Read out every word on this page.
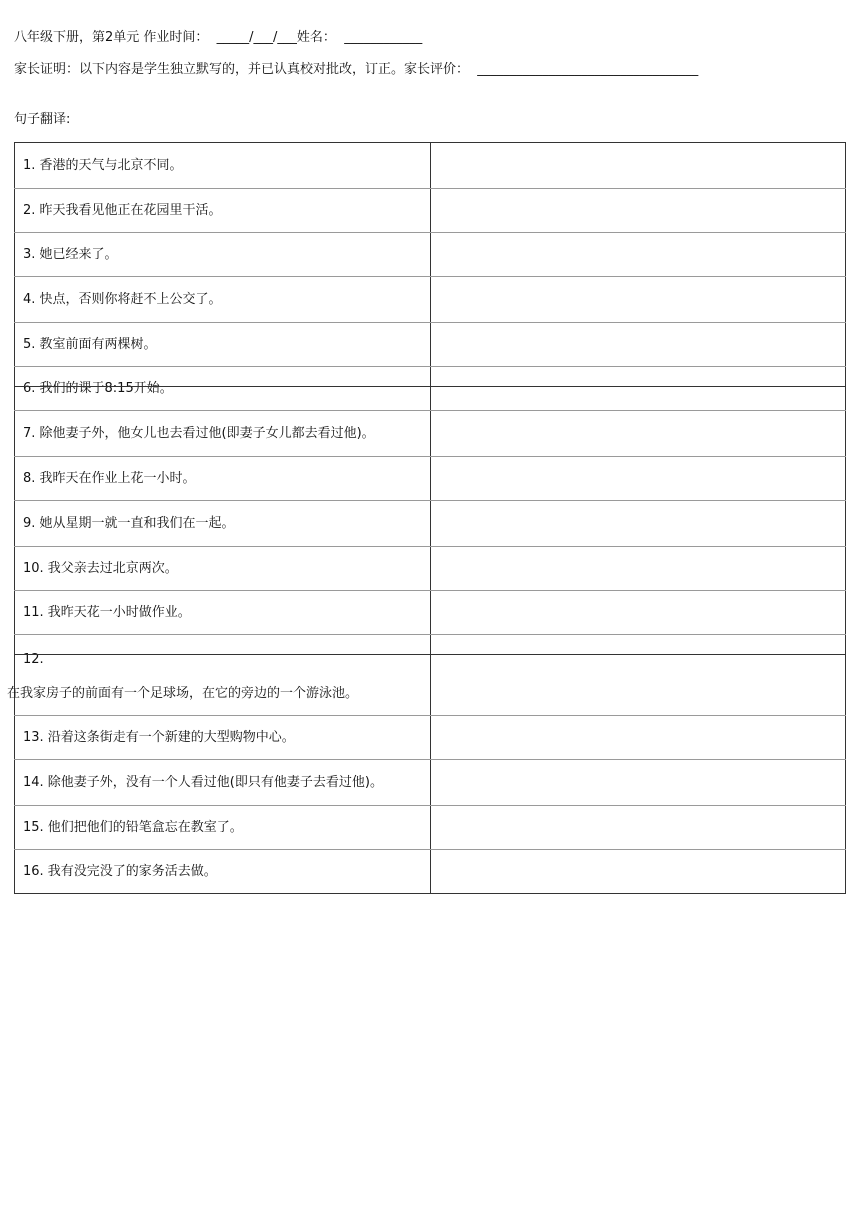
八年级下册，第2单元 作业时间：  _____/___/___姓名：  ____________
家长证明：以下内容是学生独立默写的，并已认真校对批改，订正。家长评价：  __________________________________
句子翻译:
1. 香港的天气与北京不同。	
2. 昨天我看见他正在花园里干活。	
3. 她已经来了。	
4. 快点，否则你将赶不上公交了。	
5. 教室前面有两棵树。	
6. 我们的课于8:15开始。	
7. 除他妻子外，他女儿也去看过他(即妻子女儿都去看过他)。	
8. 我昨天在作业上花一小时。	
9. 她从星期一就一直和我们在一起。	
10. 我父亲去过北京两次。	
11. 我昨天花一小时做作业。	

12.
在我家房子的前面有一个足球场，在它的旁边的一个游泳池。	

13. 沿着这条街走有一个新建的大型购物中心。	
14. 除他妻子外，没有一个人看过他(即只有他妻子去看过他)。	
15. 他们把他们的铅笔盒忘在教室了。	
16. 我有没完没了的家务活去做。	
